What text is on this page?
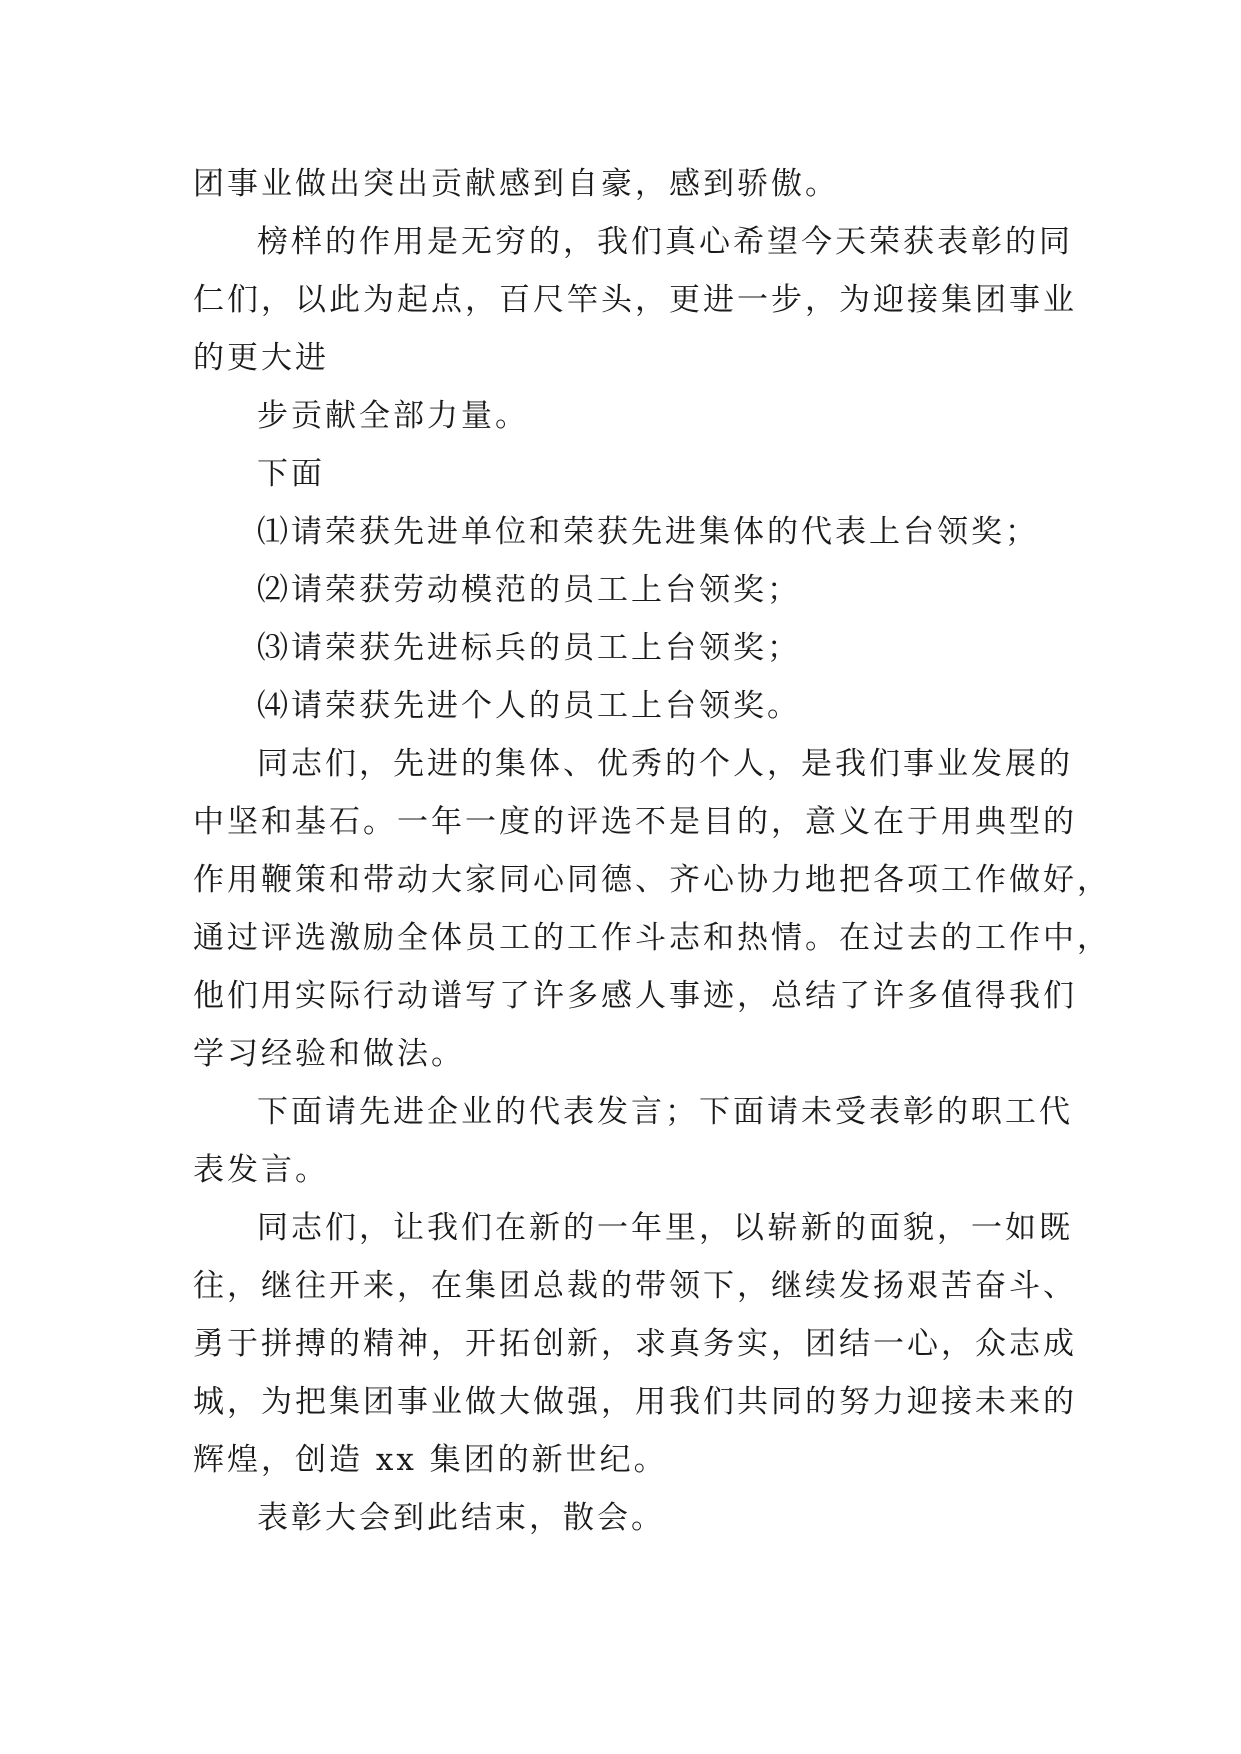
团事业做出突出贡献感到自豪，感到骄傲。
榜样的作用是无穷的，我们真心希望今天荣获表彰的同
仁们，以此为起点，百尺竿头，更进一步，为迎接集团事业
的更大进
步贡献全部力量。
下面
⑴请荣获先进单位和荣获先进集体的代表上台领奖；
⑵请荣获劳动模范的员工上台领奖；
⑶请荣获先进标兵的员工上台领奖；
⑷请荣获先进个人的员工上台领奖。
同志们，先进的集体、优秀的个人，是我们事业发展的
中坚和基石。一年一度的评选不是目的，意义在于用典型的
作用鞭策和带动大家同心同德、齐心协力地把各项工作做好，
通过评选激励全体员工的工作斗志和热情。在过去的工作中，
他们用实际行动谱写了许多感人事迹，总结了许多值得我们
学习经验和做法。
下面请先进企业的代表发言；下面请未受表彰的职工代
表发言。
同志们，让我们在新的一年里，以崭新的面貌，一如既
往，继往开来，在集团总裁的带领下，继续发扬艰苦奋斗、
勇于拼搏的精神，开拓创新，求真务实，团结一心，众志成
城，为把集团事业做大做强，用我们共同的努力迎接未来的
辉煌，创造 xx 集团的新世纪。
表彰大会到此结束，散会。
